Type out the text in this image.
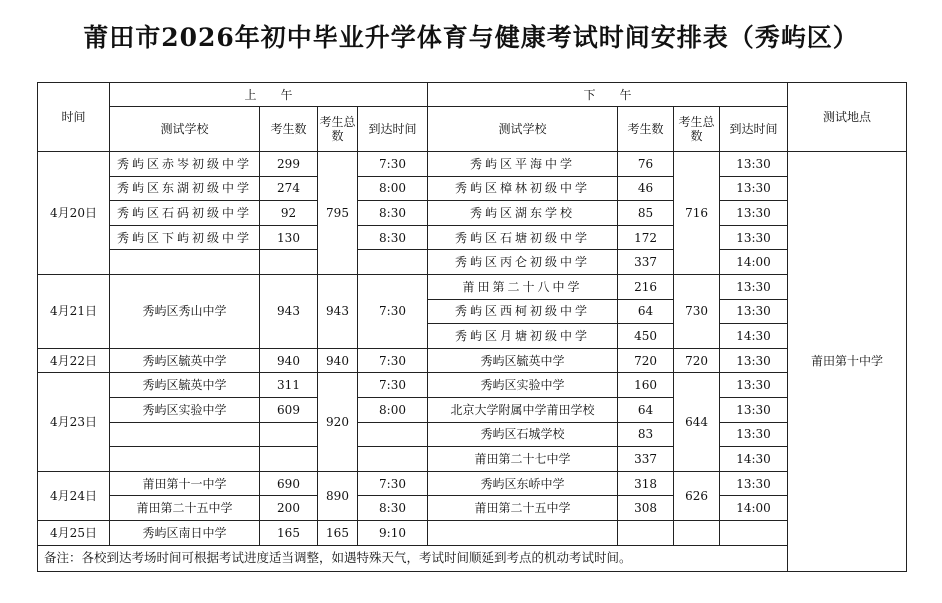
莆田市2026年初中毕业升学体育与健康考试时间安排表（秀屿区）
时间	上　　午				下　　午				测试地点	
	测试学校	考生数	考生总数	到达时间	测试学校	考生数	考生总数	到达时间		
4月20日	秀屿区赤岑初级中学	299	795	7:30	秀屿区平海中学	76	716	13:30	莆田第十中学	
	秀屿区东湖初级中学	274		8:00	秀屿区樟林初级中学	46		13:30		
	秀屿区石码初级中学	92		8:30	秀屿区湖东学校	85		13:30		
	秀屿区下屿初级中学	130		8:30	秀屿区石塘初级中学	172		13:30		
					秀屿区丙仑初级中学	337		14:00		
4月21日	秀屿区秀山中学	943	943	7:30	莆田第二十八中学	216	730	13:30		
					秀屿区西柯初级中学	64		13:30		
					秀屿区月塘初级中学	450		14:30		
4月22日	秀屿区毓英中学	940	940	7:30	秀屿区毓英中学	720	720	13:30		
4月23日	秀屿区毓英中学	311	920	7:30	秀屿区实验中学	160	644	13:30		
	秀屿区实验中学	609		8:00	北京大学附属中学莆田学校	64		13:30		
					秀屿区石城学校	83		13:30		
					莆田第二十七中学	337		14:30		
4月24日	莆田第十一中学	690	890	7:30	秀屿区东峤中学	318	626	13:30		
	莆田第二十五中学	200		8:30	莆田第二十五中学	308		14:00		
4月25日	秀屿区南日中学	165	165	9:10					
备注：各校到达考场时间可根据考试进度适当调整，如遇特殊天气，考试时间顺延到考点的机动考试时间。										
